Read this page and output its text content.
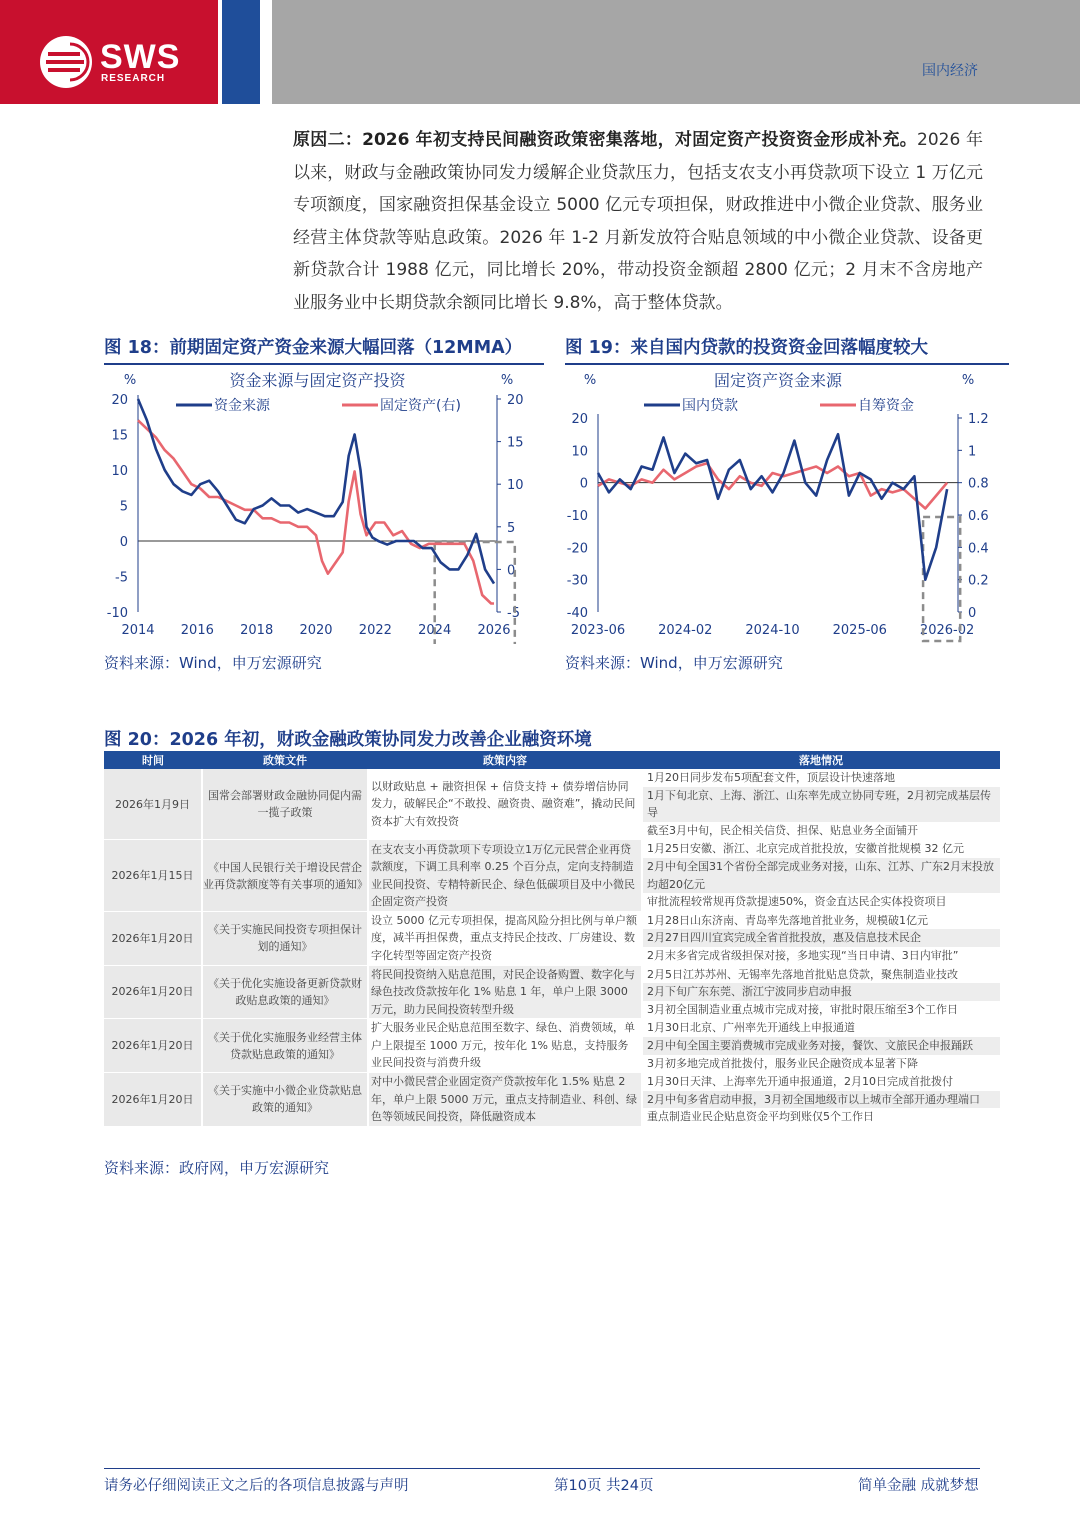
SWS
RESEARCH	国内经济
原因二：2026 年初支持民间融资政策密集落地，对固定资产投资资金形成补充。2026 年以来，财政与金融政策协同发力缓解企业贷款压力，包括支农支小再贷款项下设立 1 万亿元专项额度，国家融资担保基金设立 5000 亿元专项担保，财政推进中小微企业贷款、服务业经营主体贷款等贴息政策。2026 年 1-2 月新发放符合贴息领域的中小微企业贷款、设备更新贷款合计 1988 亿元，同比增长 20%，带动投资金额超 2800 亿元；2 月末不含房地产业服务业中长期贷款余额同比增长 9.8%，高于整体贷款。
图 18：前期固定资产资金来源大幅回落（12MMA）
资金来源与固定资产投资
%	%
资金来源	固定资产(右)
20
15
10
5
0
-5
-10
20
15
10
5
0
-5
2014 2016 2018 2020 2022 2024 2026
资料来源：Wind，申万宏源研究
图 19：来自国内贷款的投资资金回落幅度较大
固定资产资金来源
%	%
国内贷款	自筹资金
20
10
0
-10
-20
-30
-40
1.2
1
0.8
0.6
0.4
0.2
0
2023-06	2024-02	2024-10	2025-06	2026-02
资料来源：Wind，申万宏源研究
图 20：2026 年初，财政金融政策协同发力改善企业融资环境
时间	政策文件	政策内容	落地情况
2026年1月9日	国常会部署财政金融协同促内需一揽子政策	以财政贴息 + 融资担保 + 信贷支持 + 债券增信协同发力，破解民企“不敢投、融资贵、融资难”，撬动民间资本扩大有效投资	1月20日同步发布5项配套文件，顶层设计快速落地
1月下旬北京、上海、浙江、山东率先成立协同专班，2月初完成基层传导
截至3月中旬，民企相关信贷、担保、贴息业务全面铺开

2026年1月15日	《中国人民银行关于增设民营企业再贷款额度等有关事项的通知》	在支农支小再贷款项下专项设立1万亿元民营企业再贷款额度，下调工具利率 0.25 个百分点，定向支持制造业民间投资、专精特新民企、绿色低碳项目及中小微民企固定资产投资	1月25日安徽、浙江、北京完成首批投放，安徽首批规模 32 亿元
2月中旬全国31个省份全部完成业务对接，山东、江苏、广东2月末投放均超20亿元
审批流程较常规再贷款提速50%，资金直达民企实体投资项目

2026年1月20日	《关于实施民间投资专项担保计划的通知》	设立 5000 亿元专项担保，提高风险分担比例与单户额度，减半再担保费，重点支持民企技改、厂房建设、数字化转型等固定资产投资	1月28日山东济南、青岛率先落地首批业务，规模破1亿元
2月27日四川宜宾完成全省首批投放，惠及信息技术民企
2月末多省完成省级担保对接，多地实现“当日申请、3日内审批”

2026年1月20日	《关于优化实施设备更新贷款财政贴息政策的通知》	将民间投资纳入贴息范围，对民企设备购置、数字化与绿色技改贷款按年化 1% 贴息 1 年，单户上限 3000 万元，助力民间投资转型升级	2月5日江苏苏州、无锡率先落地首批贴息贷款，聚焦制造业技改
2月下旬广东东莞、浙江宁波同步启动申报
3月初全国制造业重点城市完成对接，审批时限压缩至3个工作日

2026年1月20日	《关于优化实施服务业经营主体贷款贴息政策的通知》	扩大服务业民企贴息范围至数字、绿色、消费领域，单户上限提至 1000 万元，按年化 1% 贴息，支持服务业民间投资与消费升级	1月30日北京、广州率先开通线上申报通道
2月中旬全国主要消费城市完成业务对接，餐饮、文旅民企申报踊跃
3月初多地完成首批拨付，服务业民企融资成本显著下降

2026年1月20日	《关于实施中小微企业贷款贴息政策的通知》	对中小微民营企业固定资产贷款按年化 1.5% 贴息 2 年，单户上限 5000 万元，重点支持制造业、科创、绿色等领域民间投资，降低融资成本	1月30日天津、上海率先开通申报通道，2月10日完成首批拨付
2月中旬多省启动申报，3月初全国地级市以上城市全部开通办理端口
重点制造业民企贴息资金平均到账仅5个工作日
资料来源：政府网，申万宏源研究
请务必仔细阅读正文之后的各项信息披露与声明	第10页 共24页	简单金融 成就梦想
